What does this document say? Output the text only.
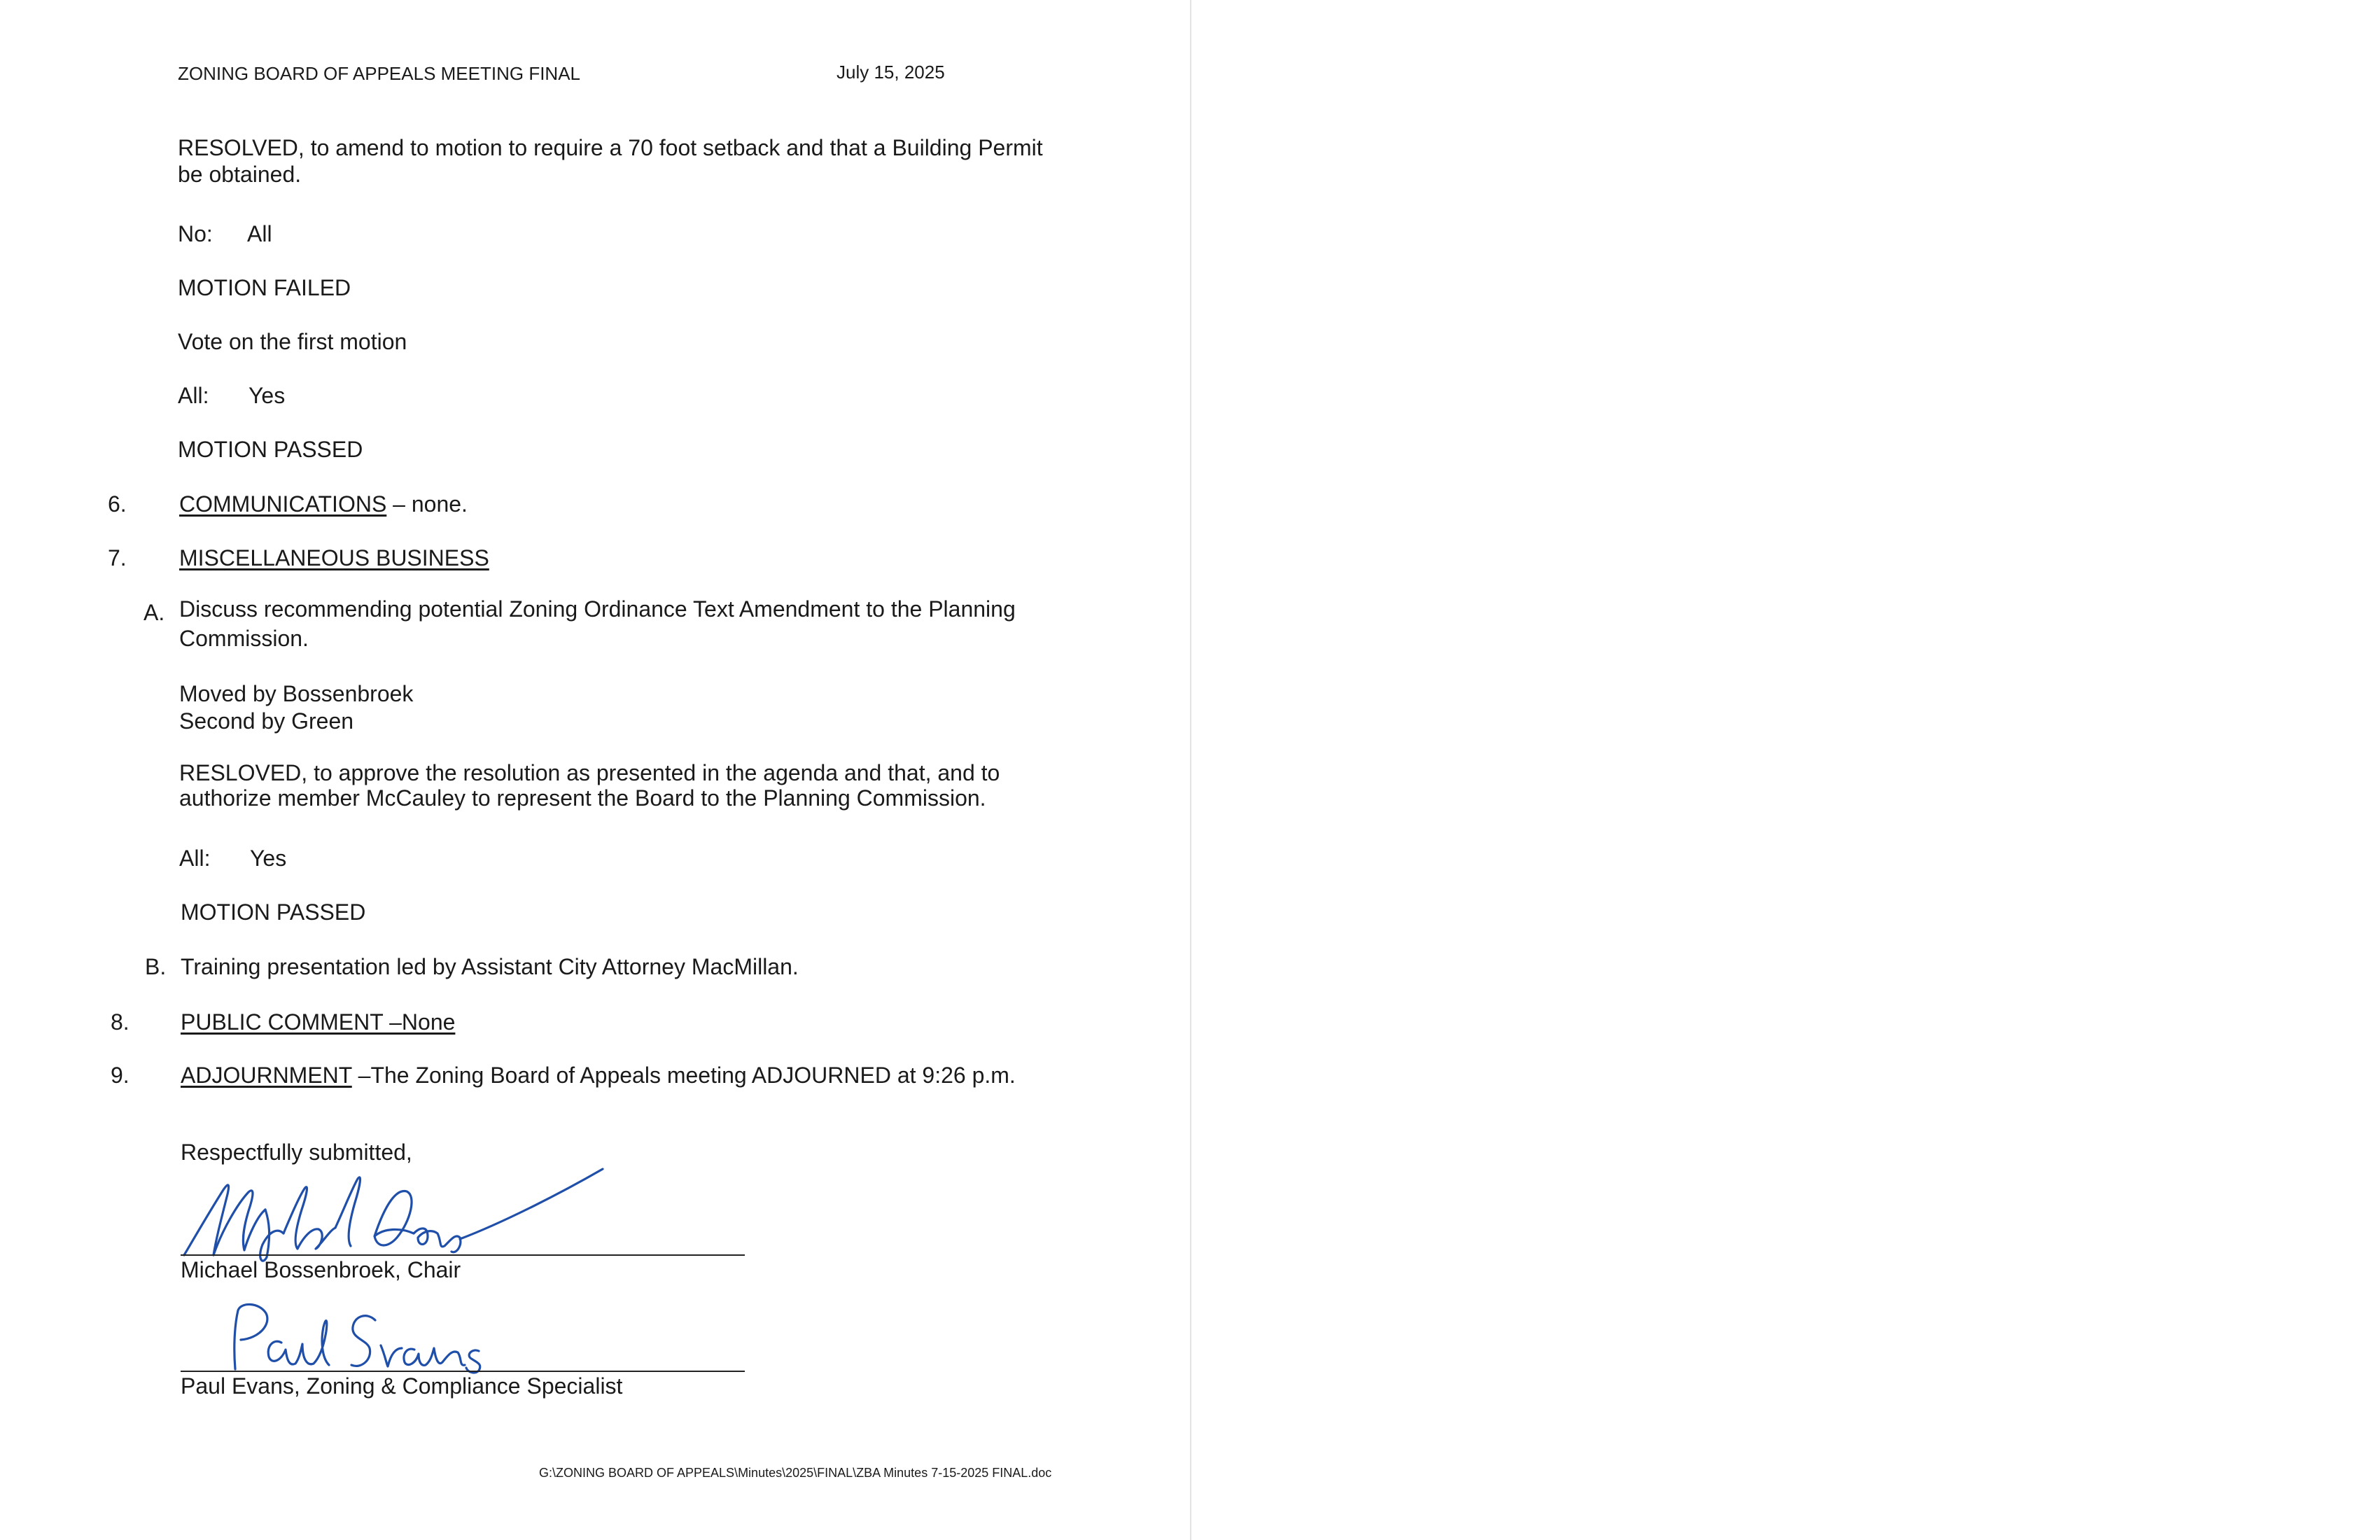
ZONING BOARD OF APPEALS MEETING FINAL	July 15, 2025

RESOLVED, to amend to motion to require a 70 foot setback and that a Building Permit
be obtained.

No: All

MOTION FAILED

Vote on the first motion

All: Yes

MOTION PASSED

6. COMMUNICATIONS – none.

7. MISCELLANEOUS BUSINESS

A. Discuss recommending potential Zoning Ordinance Text Amendment to the Planning
Commission.

Moved by Bossenbroek

Second by Green

RESLOVED, to approve the resolution as presented in the agenda and that, and to
authorize member McCauley to represent the Board to the Planning Commission.

All: Yes

MOTION PASSED

B. Training presentation led by Assistant City Attorney MacMillan.

8. PUBLIC COMMENT –None

9. ADJOURNMENT –The Zoning Board of Appeals meeting ADJOURNED at 9:26 p.m.

Respectfully submitted,

Michael Bossenbroek, Chair

Paul Evans, Zoning & Compliance Specialist

G:\ZONING BOARD OF APPEALS\Minutes\2025\FINAL\ZBA Minutes 7-15-2025 FINAL.doc
